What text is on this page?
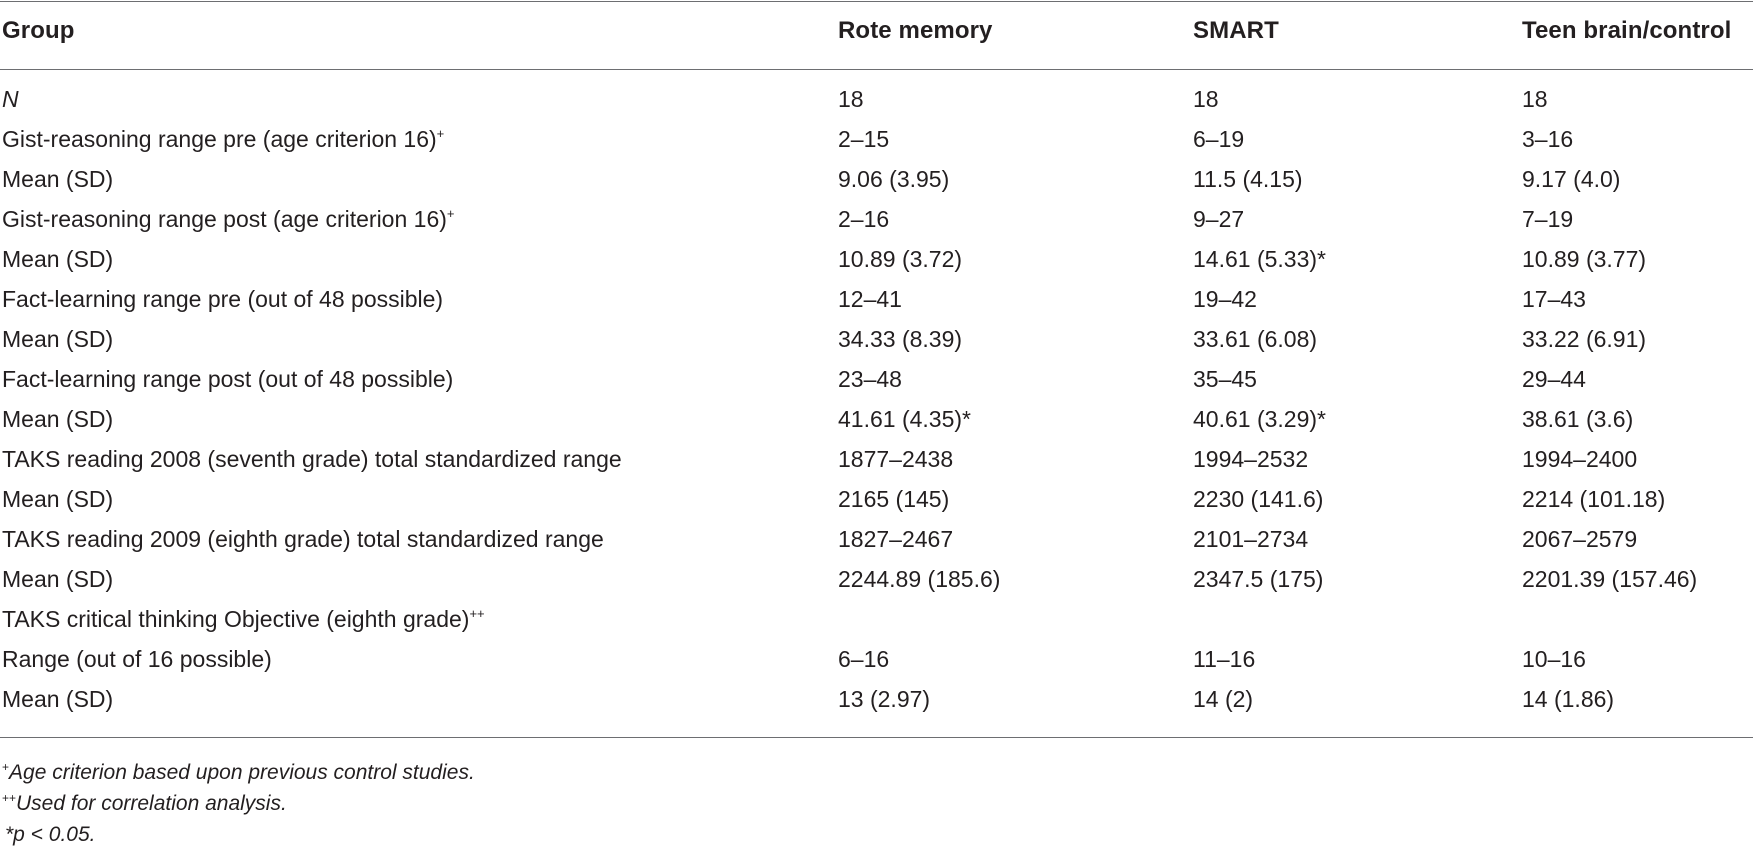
Group	Rote memory	SMART	Teen brain/control
N	18	18	18
Gist-reasoning range pre (age criterion 16)+	2–15	6–19	3–16
Mean (SD)	9.06 (3.95)	11.5 (4.15)	9.17 (4.0)
Gist-reasoning range post (age criterion 16)+	2–16	9–27	7–19
Mean (SD)	10.89 (3.72)	14.61 (5.33)*	10.89 (3.77)
Fact-learning range pre (out of 48 possible)	12–41	19–42	17–43
Mean (SD)	34.33 (8.39)	33.61 (6.08)	33.22 (6.91)
Fact-learning range post (out of 48 possible)	23–48	35–45	29–44
Mean (SD)	41.61 (4.35)*	40.61 (3.29)*	38.61 (3.6)
TAKS reading 2008 (seventh grade) total standardized range	1877–2438	1994–2532	1994–2400
Mean (SD)	2165 (145)	2230 (141.6)	2214 (101.18)
TAKS reading 2009 (eighth grade) total standardized range	1827–2467	2101–2734	2067–2579
Mean (SD)	2244.89 (185.6)	2347.5 (175)	2201.39 (157.46)
TAKS critical thinking Objective (eighth grade)++
Range (out of 16 possible)	6–16	11–16	10–16
Mean (SD)	13 (2.97)	14 (2)	14 (1.86)
+Age criterion based upon previous control studies.
++Used for correlation analysis.
*p < 0.05.
